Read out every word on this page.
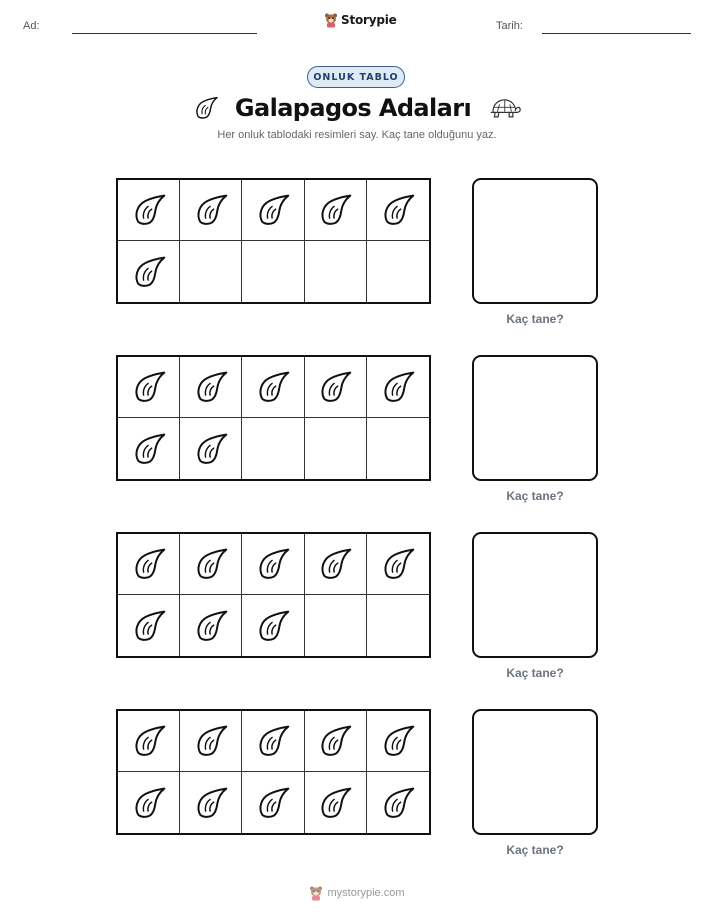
Ad:	Storypie	Tarih:
ONLUK TABLO
Galapagos Adaları
Her onluk tablodaki resimleri say. Kaç tane olduğunu yaz.
Kaç tane?
Kaç tane?
Kaç tane?
Kaç tane?
mystorypie.com
